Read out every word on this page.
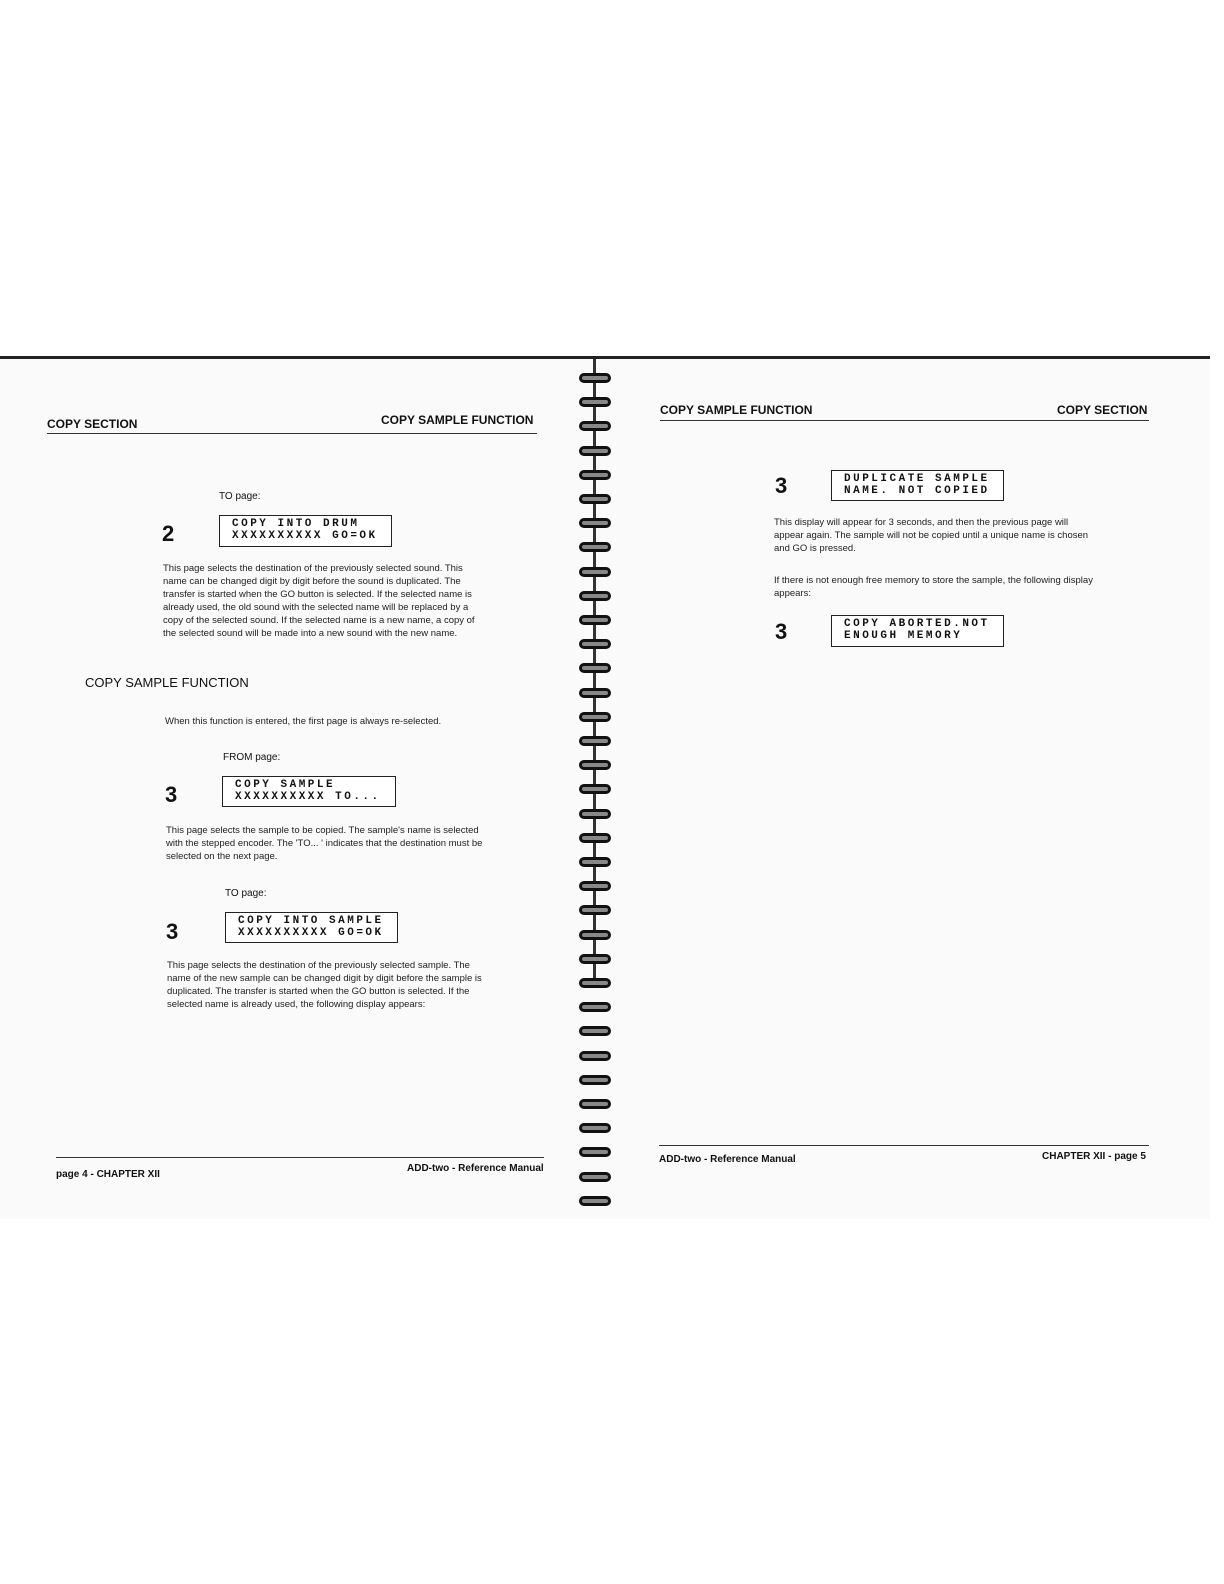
COPY SECTION	COPY SAMPLE FUNCTION
TO page:
2	COPY INTO DRUM
XXXXXXXXXX GO=OK
This page selects the destination of the previously selected sound. This name can be changed digit by digit before the sound is duplicated. The transfer is started when the GO button is selected. If the selected name is already used, the old sound with the selected name will be replaced by a copy of the selected sound. If the selected name is a new name, a copy of the selected sound will be made into a new sound with the new name.
COPY SAMPLE FUNCTION
When this function is entered, the first page is always re-selected.
FROM page:
3	COPY SAMPLE
XXXXXXXXXX TO...
This page selects the sample to be copied. The sample's name is selected with the stepped encoder. The 'TO... ' indicates that the destination must be selected on the next page.
TO page:
3	COPY INTO SAMPLE
XXXXXXXXXX GO=OK
This page selects the destination of the previously selected sample. The name of the new sample can be changed digit by digit before the sample is duplicated. The transfer is started when the GO button is selected. If the selected name is already used, the following display appears:
page 4 - CHAPTER XII
ADD-two - Reference Manual
COPY SAMPLE FUNCTION	COPY SECTION
3	DUPLICATE SAMPLE
NAME. NOT COPIED
This display will appear for 3 seconds, and then the previous page will appear again. The sample will not be copied until a unique name is chosen and GO is pressed.
If there is not enough free memory to store the sample, the following display appears:
3	COPY ABORTED.NOT
ENOUGH MEMORY
ADD-two - Reference Manual	CHAPTER XII - page 5
